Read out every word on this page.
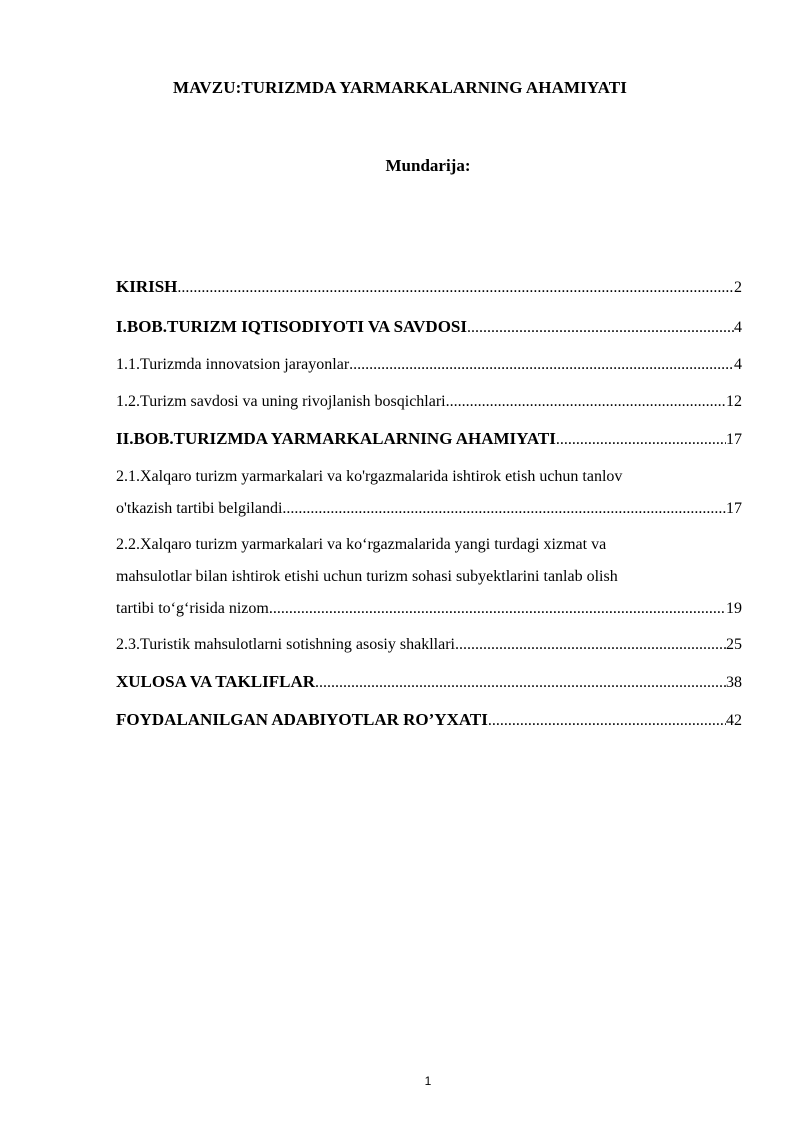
MAVZU:TURIZMDA YARMARKALARNING AHAMIYATI
Mundarija:
KIRISH .....	2
I.BOB.TURIZM IQTISODIYOTI VA SAVDOSI .....	4
1.1.Turizmda innovatsion jarayonlar .....	4
1.2.Turizm savdosi va uning rivojlanish bosqichlari .....	12
II.BOB.TURIZMDA YARMARKALARNING AHAMIYATI .....	17
2.1.Xalqaro turizm yarmarkalari va ko'rgazmalarida ishtirok etish uchun tanlov
o'tkazish tartibi belgilandi .....	17
2.2.Xalqaro turizm yarmarkalari va ko‘rgazmalarida yangi turdagi xizmat va
mahsulotlar bilan ishtirok etishi uchun turizm sohasi subyektlarini tanlab olish
tartibi to‘g‘risida nizom .....	19
2.3.Turistik mahsulotlarni sotishning asosiy shakllari .....	25
XULOSA VA TAKLIFLAR .....	38
FOYDALANILGAN ADABIYOTLAR RO’YXATI .....	42
1
